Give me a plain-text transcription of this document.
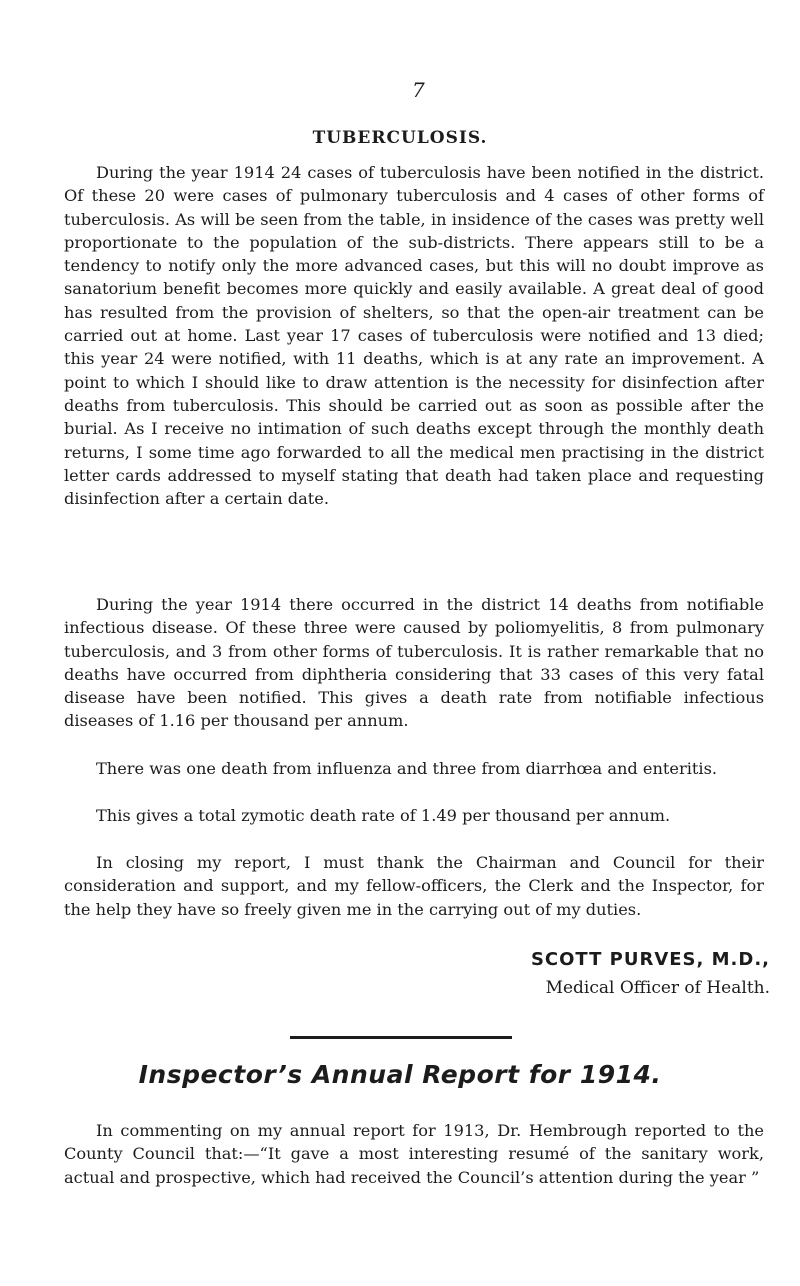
7
TUBERCULOSIS.

During the year 1914 24 cases of tuberculosis have been notified in the district. Of these 20 were cases of pulmonary tuberculosis and 4 cases of other forms of tuberculosis. As will be seen from the table, in insidence of the cases was pretty well proportionate to the population of the sub-districts. There appears still to be a tendency to notify only the more advanced cases, but this will no doubt improve as sanatorium benefit becomes more quickly and easily available. A great deal of good has resulted from the provision of shelters, so that the open-air treatment can be carried out at home. Last year 17 cases of tuberculosis were notified and 13 died; this year 24 were notified, with 11 deaths, which is at any rate an improvement. A point to which I should like to draw attention is the necessity for disinfection after deaths from tuberculosis. This should be carried out as soon as possible after the burial. As I receive no intimation of such deaths except through the monthly death returns, I some time ago forwarded to all the medical men practising in the district letter cards addressed to myself stating that death had taken place and requesting disinfection after a certain date.

During the year 1914 there occurred in the district 14 deaths from notifiable infectious disease. Of these three were caused by poliomyelitis, 8 from pulmonary tuberculosis, and 3 from other forms of tuberculosis. It is rather remarkable that no deaths have occurred from diphtheria considering that 33 cases of this very fatal disease have been notified. This gives a death rate from notifiable infectious diseases of 1.16 per thousand per annum.

There was one death from influenza and three from diarrhœa and enteritis.

This gives a total zymotic death rate of 1.49 per thousand per annum.

In closing my report, I must thank the Chairman and Council for their consideration and support, and my fellow-officers, the Clerk and the Inspector, for the help they have so freely given me in the carrying out of my duties.

SCOTT PURVES, M.D.,
Medical Officer of Health.
Inspector’s Annual Report for 1914.

In commenting on my annual report for 1913, Dr. Hembrough reported to the County Council that:—“It gave a most interesting resumé of the sanitary work, actual and prospective, which had received the Council’s attention during the year ”
